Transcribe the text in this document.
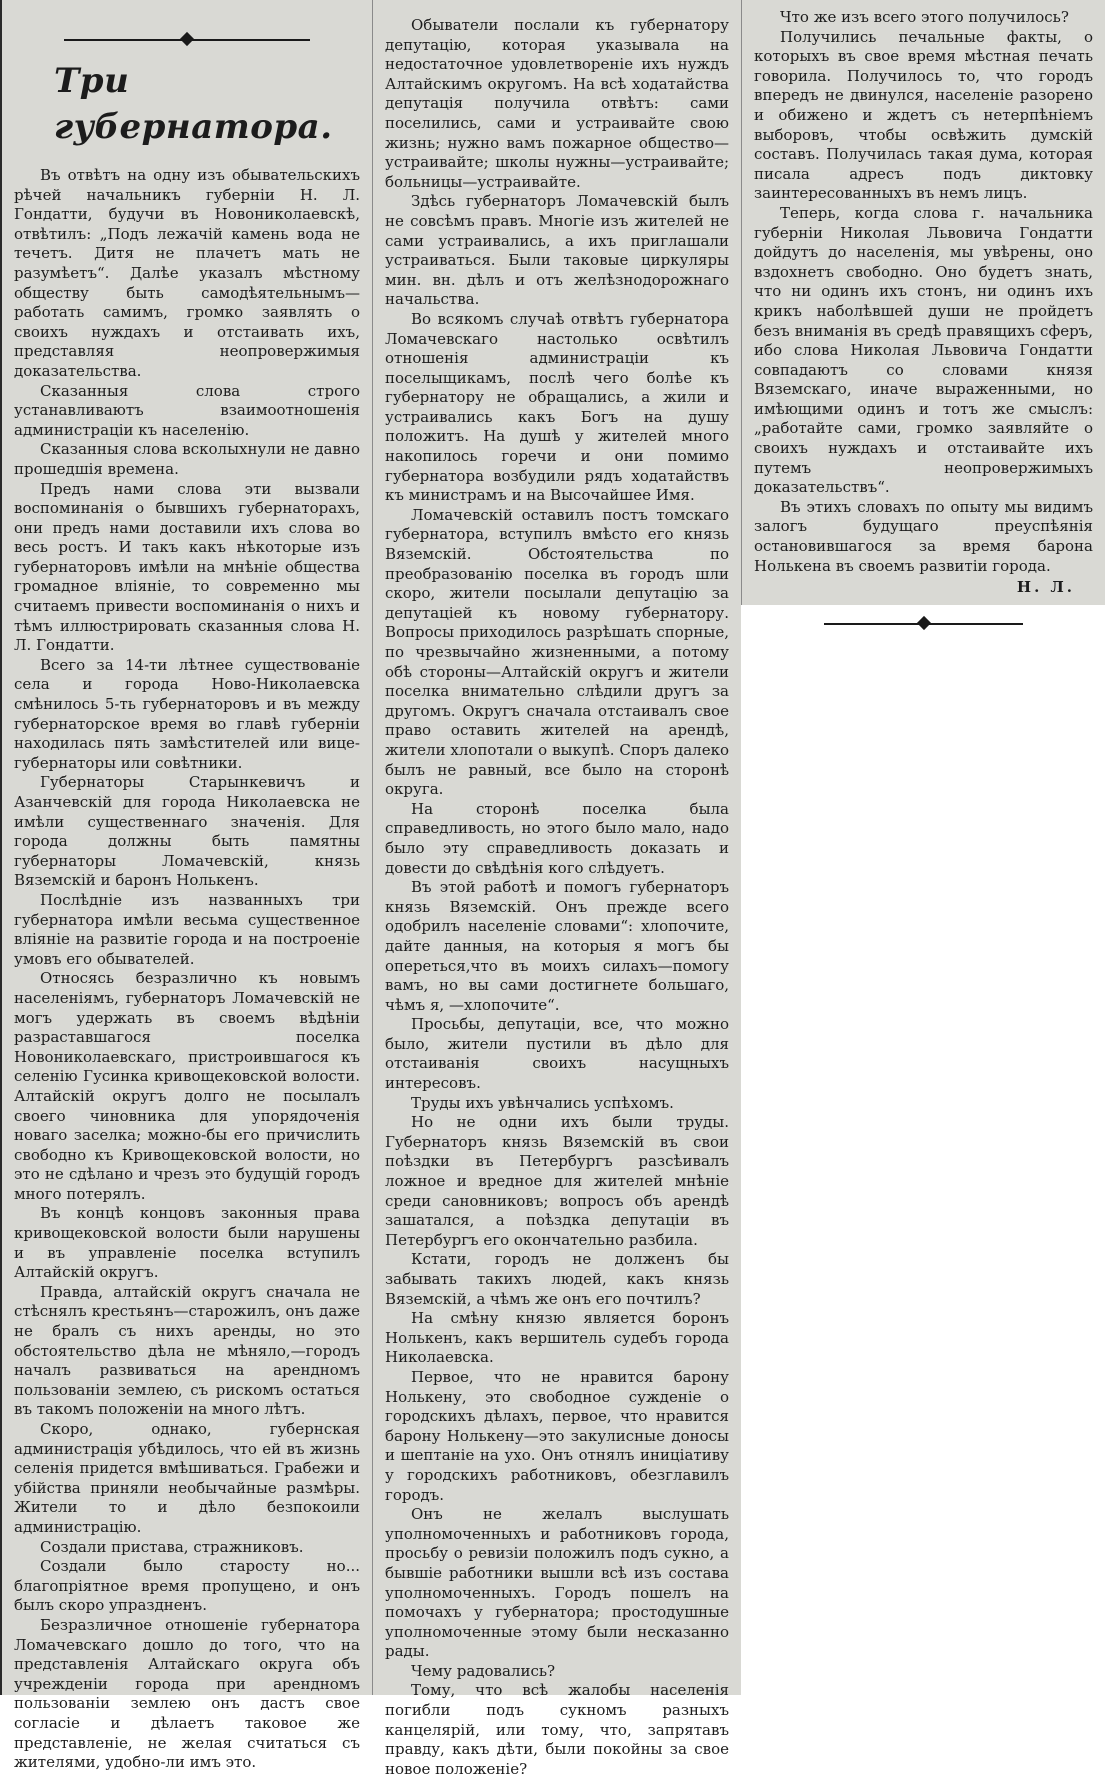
Три губернатора.

Въ отвѣтъ на одну изъ обывательскихъ рѣчей начальникъ губерніи Н. Л. Гондатти, будучи въ Новониколаевскѣ, отвѣтилъ: „Подъ лежачій камень вода не течетъ. Дитя не плачетъ мать не разумѣетъ“. Далѣе указалъ мѣстному обществу быть самодѣятельнымъ—работать самимъ, громко заявлять о своихъ нуждахъ и отстаивать ихъ, представляя неопровержимыя доказательства.

Сказанныя слова строго устанавливаютъ взаимоотношенія администраціи къ населенію.

Сказанныя слова всколыхнули не давно прошедшія времена.

Предъ нами слова эти вызвали воспоминанія о бывшихъ губернаторахъ, они предъ нами доставили ихъ слова во весь ростъ. И такъ какъ нѣкоторые изъ губернаторовъ имѣли на мнѣніе общества громадное вліяніе, то современно мы считаемъ привести воспоминанія о нихъ и тѣмъ иллюстрировать сказанныя слова Н. Л. Гондатти.

Всего за 14-ти лѣтнее существованіе села и города Ново-Николаевска смѣнилось 5-ть губернаторовъ и въ между губернаторское время во главѣ губерніи находилась пять замѣстителей или вице-губернаторы или совѣтники.

Губернаторы Старынкевичъ и Азанчевскій для города Николаевска не имѣли существеннаго значенія. Для города должны быть памятны губернаторы Ломачевскій, князь Вяземскій и баронъ Нолькенъ.

Послѣдніе изъ названныхъ три губернатора имѣли весьма существенное вліяніе на развитіе города и на построеніе умовъ его обывателей.

Относясь безразлично къ новымъ населеніямъ, губернаторъ Ломачевскій не могъ удержать въ своемъ вѣдѣніи разраставшагося поселка Новониколаевскаго, пристроившагося къ селенію Гусинка кривощековской волости. Алтайскій округъ долго не посылалъ своего чиновника для упорядоченія новаго заселка; можно-бы его причислить свободно къ Кривощековской волости, но это не сдѣлано и чрезъ это будущій городъ много потерялъ.

Въ концѣ концовъ законныя права кривощековской волости были нарушены и въ управленіе поселка вступилъ Алтайскій округъ.

Правда, алтайскій округъ сначала не стѣснялъ крестьянъ—старожилъ, онъ даже не бралъ съ нихъ аренды, но это обстоятельство дѣла не мѣняло,—городъ началъ развиваться на арендномъ пользованіи землею, съ рискомъ остаться въ такомъ положеніи на много лѣтъ.

Скоро, однако, губернская администрація убѣдилось, что ей въ жизнь селенія придется вмѣшиваться. Грабежи и убійства приняли необычайные размѣры. Жители то и дѣло безпокоили администрацію.

Создали пристава, стражниковъ.

Создали было старосту но... благопріятное время пропущено, и онъ былъ скоро упраздненъ.

Безразличное отношеніе губернатора Ломачевскаго дошло до того, что на представленія Алтайскаго округа объ учрежденіи города при арендномъ пользованіи землею онъ дастъ свое согласіе и дѣлаетъ таковое же представленіе, не желая считаться съ жителями, удобно-ли имъ это.

Обыватели послали къ губернатору депутацію, которая указывала на недостаточное удовлетвореніе ихъ нуждъ Алтайскимъ округомъ. На всѣ ходатайства депутація получила отвѣтъ: сами поселились, сами и устраивайте свою жизнь; нужно вамъ пожарное общество—устраивайте; школы нужны—устраивайте; больницы—устраивайте.

Здѣсь губернаторъ Ломачевскій былъ не совсѣмъ правъ. Многіе изъ жителей не сами устраивались, а ихъ приглашали устраиваться. Были таковые циркуляры мин. вн. дѣлъ и отъ желѣзнодорожнаго начальства.

Во всякомъ случаѣ отвѣтъ губернатора Ломачевскаго настолько освѣтилъ отношенія администраціи къ поселыщикамъ, послѣ чего болѣе къ губернатору не обращались, а жили и устраивались какъ Богъ на душу положитъ. На душѣ у жителей много накопилось горечи и они помимо губернатора возбудили рядъ ходатайствъ къ министрамъ и на Высочайшее Имя.

Ломачевскій оставилъ постъ томскаго губернатора, вступилъ вмѣсто его князь Вяземскій. Обстоятельства по преобразованію поселка въ городъ шли скоро, жители посылали депутацію за депутаціей къ новому губернатору. Вопросы приходилось разрѣшать спорные, по чрезвычайно жизненными, а потому обѣ стороны—Алтайскій округъ и жители поселка внимательно слѣдили другъ за другомъ. Округъ сначала отстаивалъ свое право оставить жителей на арендѣ, жители хлопотали о выкупѣ. Споръ далеко былъ не равный, все было на сторонѣ округа.

На сторонѣ поселка была справедливость, но этого было мало, надо было эту справедливость доказать и довести до свѣдѣнія кого слѣдуетъ.

Въ этой работѣ и помогъ губернаторъ князь Вяземскій. Онъ прежде всего одобрилъ населеніе словами“: хлопочите, дайте данныя, на которыя я могъ бы опереться,что въ моихъ силахъ—помогу вамъ, но вы сами достигнете большаго, чѣмъ я, —хлопочите“.

Просьбы, депутаціи, все, что можно было, жители пустили въ дѣло для отстаиванія своихъ насущныхъ интересовъ.

Труды ихъ увѣнчались успѣхомъ.

Но не одни ихъ были труды. Губернаторъ князь Вяземскій въ свои поѣздки въ Петербургъ разсѣивалъ ложное и вредное для жителей мнѣніе среди сановниковъ; вопросъ объ арендѣ зашатался, а поѣздка депутаціи въ Петербургъ его окончательно разбила.

Кстати, городъ не долженъ бы забывать такихъ людей, какъ князь Вяземскій, а чѣмъ же онъ его почтилъ?

На смѣну князю является боронъ Нолькенъ, какъ вершитель судебъ города Николаевска.

Первое, что не нравится барону Нолькену, это свободное сужденіе о городскихъ дѣлахъ, первое, что нравится барону Нолькену—это закулисные доносы и шептаніе на ухо. Онъ отнялъ иниціативу у городскихъ работниковъ, обезглавилъ городъ.

Онъ не желалъ выслушать уполномоченныхъ и работниковъ города, просьбу о ревизіи положилъ подъ сукно, а бывшіе работники вышли всѣ изъ состава уполномоченныхъ. Городъ пошелъ на помочахъ у губернатора; простодушные уполномоченные этому были несказанно рады.

Чему радовались?

Тому, что всѣ жалобы населенія погибли подъ сукномъ разныхъ канцелярій, или тому, что, запрятавъ правду, какъ дѣти, были покойны за свое новое положеніе?

Что же изъ всего этого получилось?

Получились печальные факты, о которыхъ въ свое время мѣстная печать говорила. Получилось то, что городъ впередъ не двинулся, населеніе разорено и обижено и ждетъ съ нетерпѣніемъ выборовъ, чтобы освѣжить думскій составъ. Получилась такая дума, которая писала адресъ подъ диктовку заинтересованныхъ въ немъ лицъ.

Теперь, когда слова г. начальника губерніи Николая Львовича Гондатти дойдутъ до населенія, мы увѣрены, оно вздохнетъ свободно. Оно будетъ знать, что ни одинъ ихъ стонъ, ни одинъ ихъ крикъ наболѣвшей души не пройдетъ безъ вниманія въ средѣ правящихъ сферъ, ибо слова Николая Львовича Гондатти совпадаютъ со словами князя Вяземскаго, иначе выраженными, но имѣющими одинъ и тотъ же смыслъ: „работайте сами, громко заявляйте о своихъ нуждахъ и отстаивайте ихъ путемъ неопровержимыхъ доказательствъ“.

Въ этихъ словахъ по опыту мы видимъ залогъ будущаго преуспѣянія остановившагося за время барона Нолькена въ своемъ развитіи города.

Н. Л.
